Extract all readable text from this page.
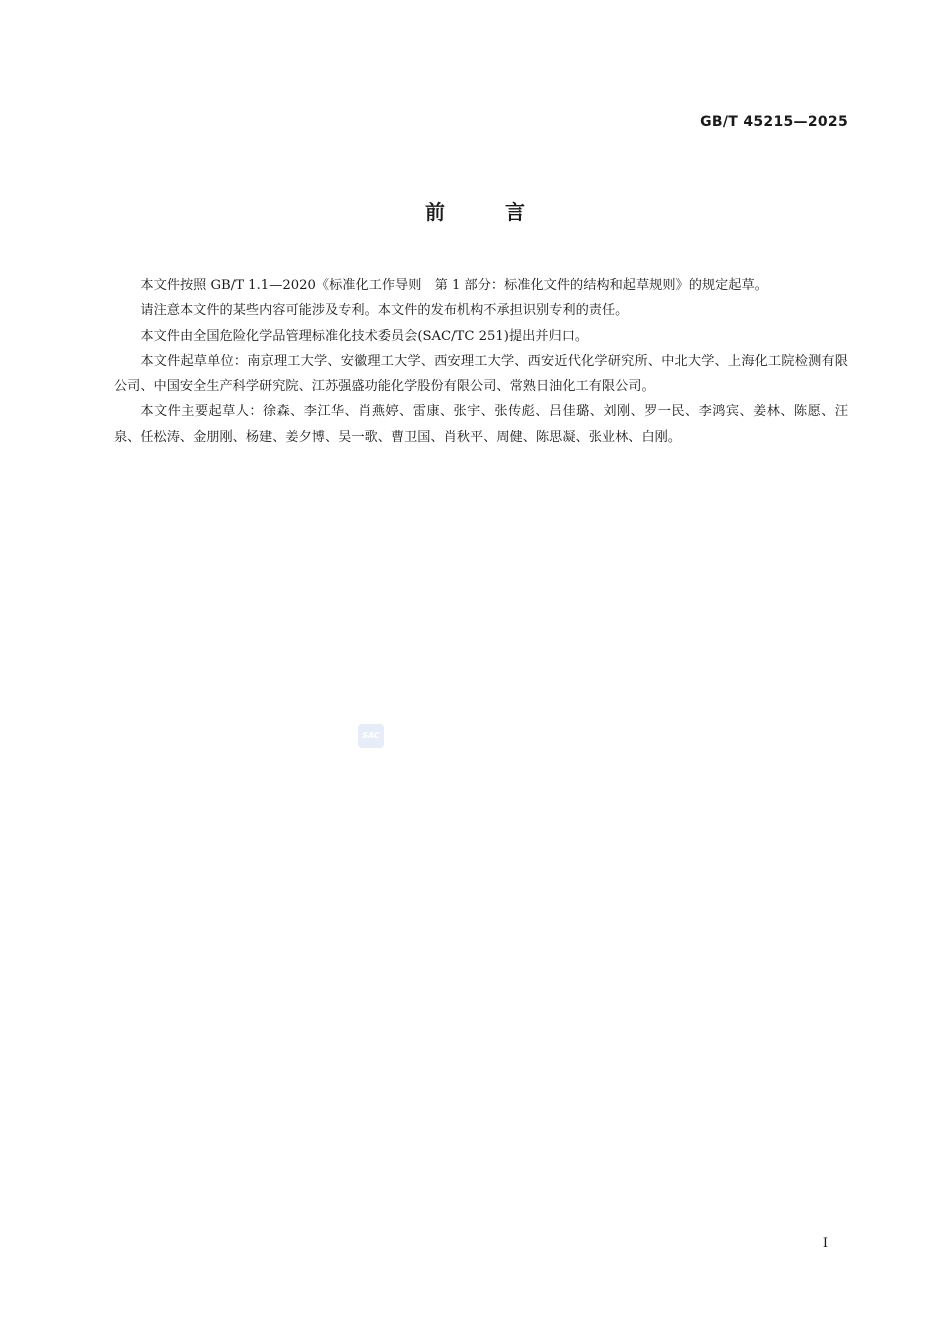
GB/T 45215—2025
前言

本文件按照 GB/T 1.1—2020《标准化工作导则　第 1 部分：标准化文件的结构和起草规则》的规定起草。

请注意本文件的某些内容可能涉及专利。本文件的发布机构不承担识别专利的责任。

本文件由全国危险化学品管理标准化技术委员会(SAC/TC 251)提出并归口。

本文件起草单位：南京理工大学、安徽理工大学、西安理工大学、西安近代化学研究所、中北大学、上海化工院检测有限公司、中国安全生产科学研究院、江苏强盛功能化学股份有限公司、常熟日油化工有限公司。

本文件主要起草人：徐森、李江华、肖燕婷、雷康、张宇、张传彪、吕佳璐、刘刚、罗一民、李鸿宾、姜林、陈愿、汪泉、任松涛、金朋刚、杨建、姜夕博、吴一歌、曹卫国、肖秋平、周健、陈思凝、张业林、白刚。

SAC
I
